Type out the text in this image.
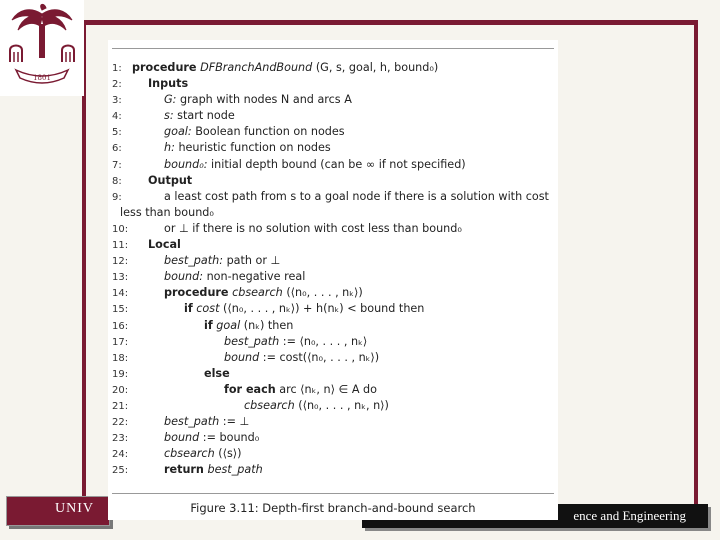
1801
UNIV	ence and Engineering
1: procedure DFBranchAndBound (G, s, goal, h, bound₀)
2: Inputs
3:	G: graph with nodes N and arcs A
4:	s: start node
5:	goal: Boolean function on nodes
6:	h: heuristic function on nodes
7:	bound₀: initial depth bound (can be ∞ if not specified)
8: Output
9:	a least cost path from s to a goal node if there is a solution with cost
less than bound₀
10:	or ⊥ if there is no solution with cost less than bound₀
11: Local
12:	best_path: path or ⊥
13:	bound: non-negative real
14:	procedure cbsearch (⟨n₀, . . . , nₖ⟩)
15:	if cost (⟨n₀, . . . , nₖ⟩) + h(nₖ) < bound then
16:	if goal (nₖ) then
17:	best_path := ⟨n₀, . . . , nₖ⟩
18:	bound := cost(⟨n₀, . . . , nₖ⟩)
19:	else
20:	for each arc ⟨nₖ, n⟩ ∈ A do
21:	cbsearch (⟨n₀, . . . , nₖ, n⟩)
22:	best_path := ⊥
23:	bound := bound₀
24:	cbsearch (⟨s⟩)
25:	return best_path
Figure 3.11: Depth-first branch-and-bound search
